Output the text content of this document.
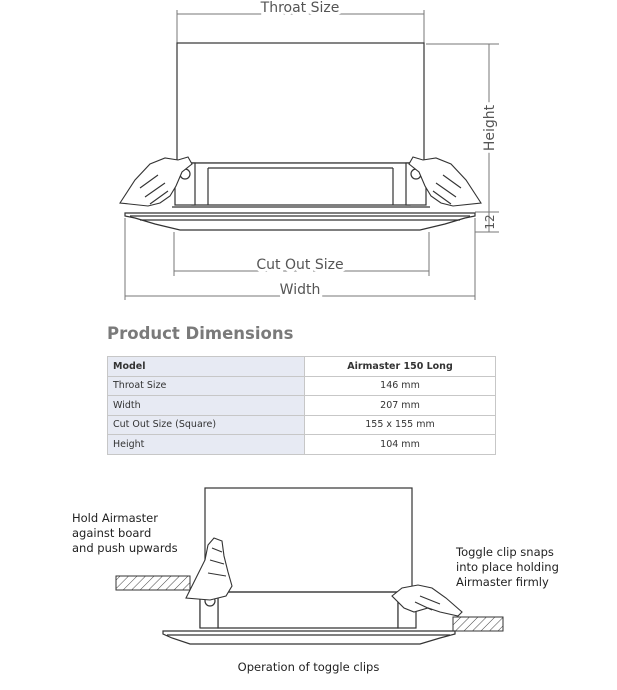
Throat Size
Height
12
Cut Out Size
Width
Product Dimensions
Model	Airmaster 150 Long
Throat Size	146 mm
Width	207 mm
Cut Out Size (Square)	155 x 155 mm
Height	104 mm
Hold Airmaster
against board
and push upwards	Toggle clip snaps
into place holding
Airmaster firmly
Operation of toggle clips
